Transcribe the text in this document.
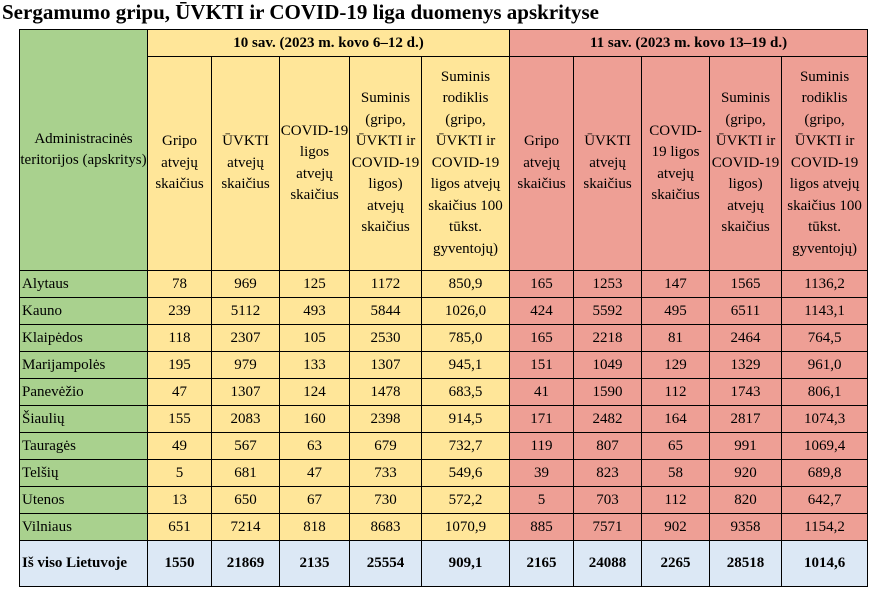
Sergamumo gripu, ŪVKTI ir COVID-19 liga duomenys apskrityse
Administracinės teritorijos (apskritys)	10 sav. (2023 m. kovo 6–12 d.)					11 sav. (2023 m. kovo 13–19 d.)				
	Gripo atvejų skaičius	ŪVKTI atvejų skaičius	COVID-19 ligos atvejų skaičius	Suminis (gripo, ŪVKTI ir COVID-19 ligos) atvejų skaičius	Suminis rodiklis (gripo, ŪVKTI ir COVID-19 ligos atvejų skaičius 100 tūkst. gyventojų)	Gripo atvejų skaičius	ŪVKTI atvejų skaičius	COVID-19 ligos atvejų skaičius	Suminis (gripo, ŪVKTI ir COVID-19 ligos) atvejų skaičius	Suminis rodiklis (gripo, ŪVKTI ir COVID-19 ligos atvejų skaičius 100 tūkst. gyventojų)
Alytaus	78	969	125	1172	850,9	165	1253	147	1565	1136,2
Kauno	239	5112	493	5844	1026,0	424	5592	495	6511	1143,1
Klaipėdos	118	2307	105	2530	785,0	165	2218	81	2464	764,5
Marijampolės	195	979	133	1307	945,1	151	1049	129	1329	961,0
Panevėžio	47	1307	124	1478	683,5	41	1590	112	1743	806,1
Šiaulių	155	2083	160	2398	914,5	171	2482	164	2817	1074,3
Tauragės	49	567	63	679	732,7	119	807	65	991	1069,4
Telšių	5	681	47	733	549,6	39	823	58	920	689,8
Utenos	13	650	67	730	572,2	5	703	112	820	642,7
Vilniaus	651	7214	818	8683	1070,9	885	7571	902	9358	1154,2
Iš viso Lietuvoje	1550	21869	2135	25554	909,1	2165	24088	2265	28518	1014,6
